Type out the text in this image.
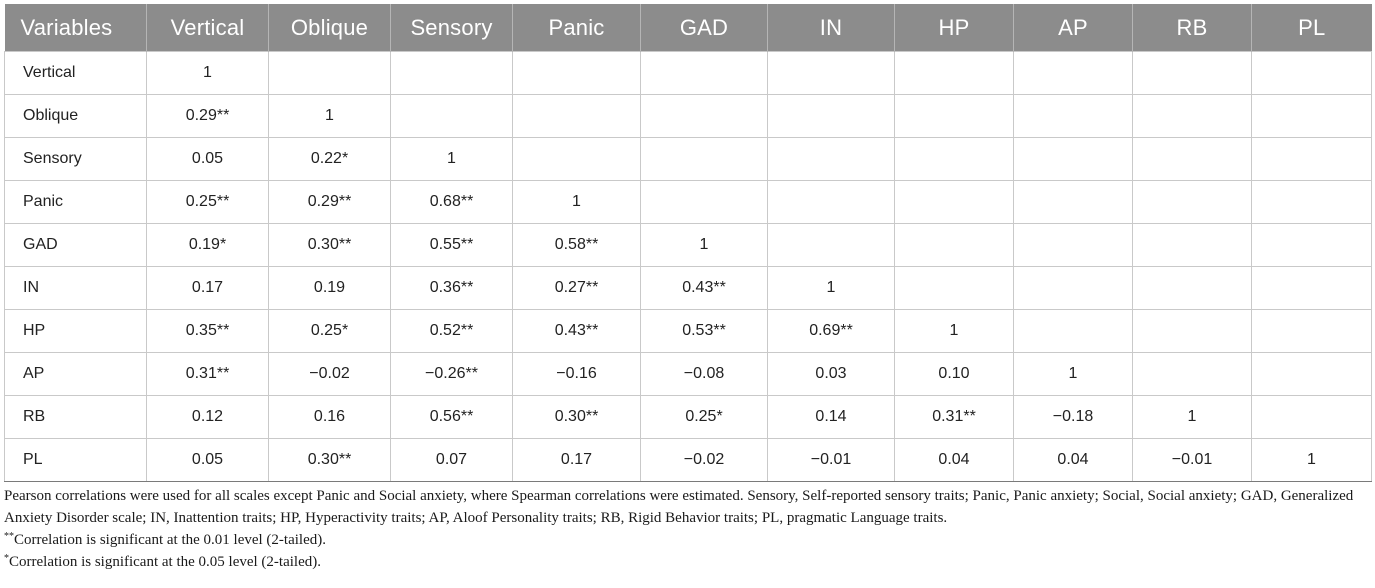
Variables	Vertical	Oblique	Sensory	Panic	GAD	IN	HP	AP	RB	PL
Vertical	1									
Oblique	0.29**	1								
Sensory	0.05	0.22*	1							
Panic	0.25**	0.29**	0.68**	1						
GAD	0.19*	0.30**	0.55**	0.58**	1					
IN	0.17	0.19	0.36**	0.27**	0.43**	1				
HP	0.35**	0.25*	0.52**	0.43**	0.53**	0.69**	1			
AP	0.31**	−0.02	−0.26**	−0.16	−0.08	0.03	0.10	1		
RB	0.12	0.16	0.56**	0.30**	0.25*	0.14	0.31**	−0.18	1	
PL	0.05	0.30**	0.07	0.17	−0.02	−0.01	0.04	0.04	−0.01	1

Pearson correlations were used for all scales except Panic and Social anxiety, where Spearman correlations were estimated. Sensory, Self-reported sensory traits; Panic, Panic anxiety; Social, Social anxiety; GAD, Generalized Anxiety Disorder scale; IN, Inattention traits; HP, Hyperactivity traits; AP, Aloof Personality traits; RB, Rigid Behavior traits; PL, pragmatic Language traits.

**Correlation is significant at the 0.01 level (2-tailed).

*Correlation is significant at the 0.05 level (2-tailed).
